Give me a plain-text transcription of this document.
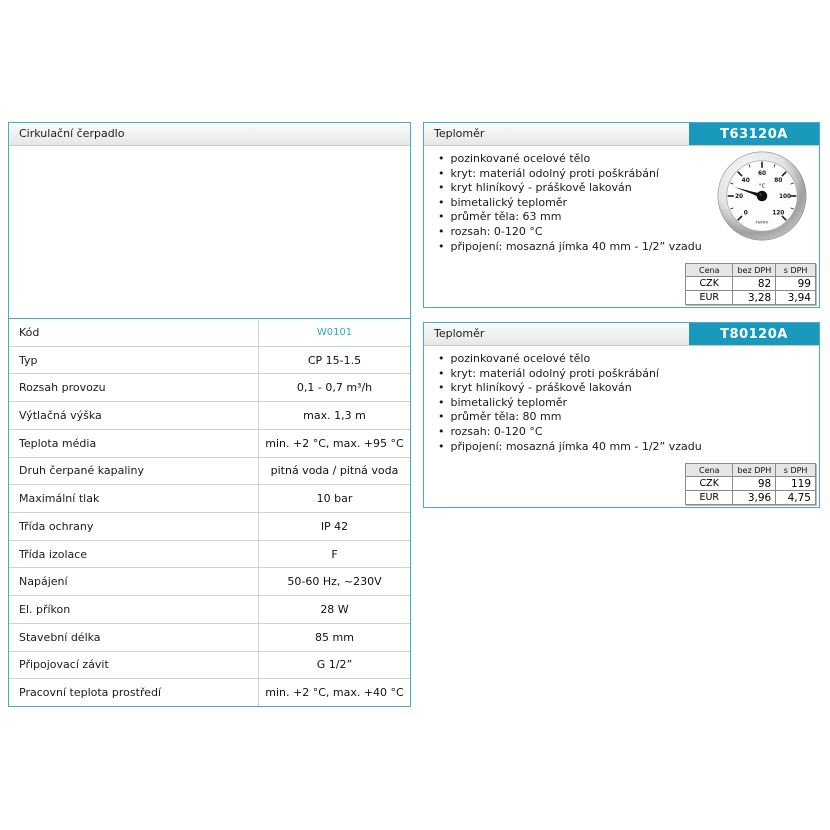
Cirkulační čerpadlo
Kód	W0101
Typ	CP 15-1.5
Rozsah provozu	0,1 - 0,7 m³/h
Výtlačná výška	max. 1,3 m
Teplota média	min. +2 °C, max. +95 °C
Druh čerpané kapaliny	pitná voda / pitná voda
Maximální tlak	10 bar
Třída ochrany	IP 42
Třída izolace	F
Napájení	50-60 Hz, ~230V
El. příkon	28 W
Stavební délka	85 mm
Připojovací závit	G 1/2”
Pracovní teplota prostředí	min. +2 °C, max. +40 °C
Teploměr	T63120A
• pozinkované ocelové tělo
• kryt: materiál odolný proti poškrábání
• kryt hliníkový - práškově lakován
• bimetalický teploměr
• průměr těla: 63 mm
• rozsah: 0-120 °C
• připojení: mosazná jímka 40 mm - 1/2” vzadu
0
20
40
60
80
100
120
°C
FERRO
Cena	bez DPH	s DPH
CZK	82	99
EUR	3,28	3,94
Teploměr	T80120A
• pozinkované ocelové tělo
• kryt: materiál odolný proti poškrábání
• kryt hliníkový - práškově lakován
• bimetalický teploměr
• průměr těla: 80 mm
• rozsah: 0-120 °C
• připojení: mosazná jímka 40 mm - 1/2” vzadu
Cena	bez DPH	s DPH
CZK	98	119
EUR	3,96	4,75
